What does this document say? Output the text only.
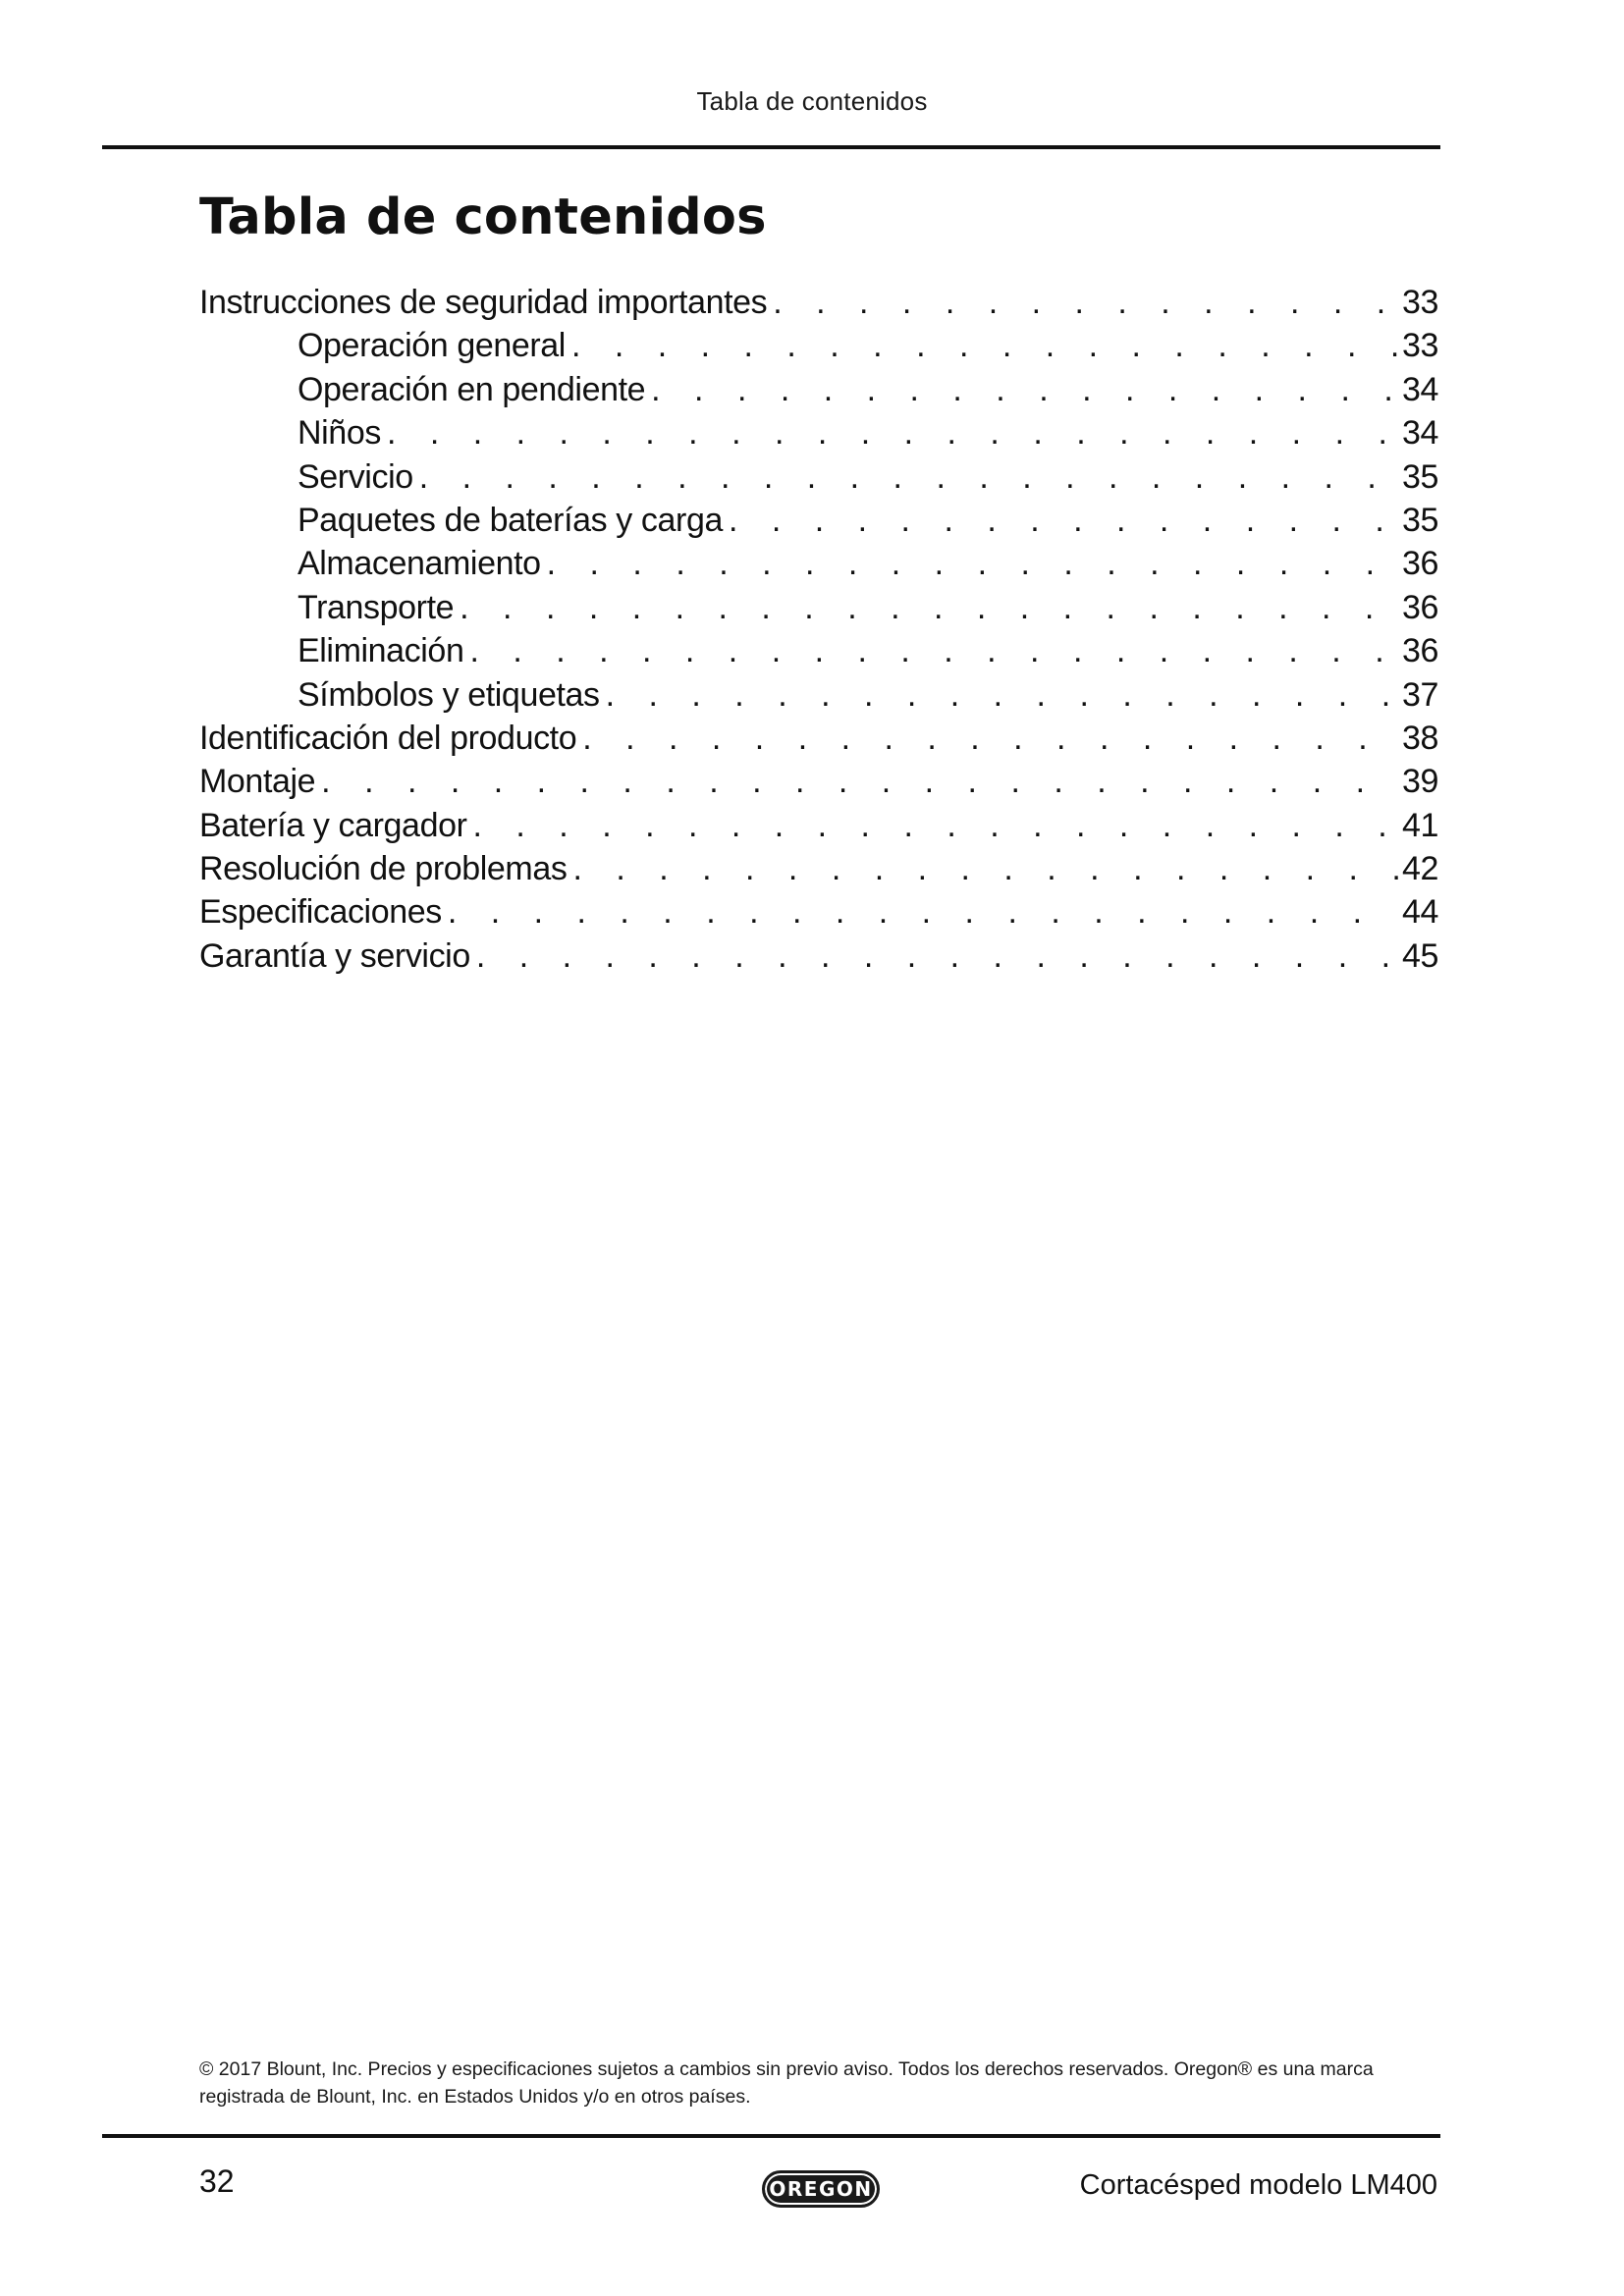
Tabla de contenidos
Tabla de contenidos
Instrucciones de seguridad importantes . . .	33
Operación general . . .	33
Operación en pendiente . . .	34
Niños . . .	34
Servicio . . .	35
Paquetes de baterías y carga . . .	35
Almacenamiento . . .	36
Transporte . . .	36
Eliminación . . .	36
Símbolos y etiquetas . . .	37
Identificación del producto . . .	38
Montaje . . .	39
Batería y cargador . . .	41
Resolución de problemas . . .	42
Especificaciones . . .	44
Garantía y servicio . . .	45

© 2017 Blount, Inc. Precios y especificaciones sujetos a cambios sin previo aviso. Todos los derechos reservados. Oregon® es una marca registrada de Blount, Inc. en Estados Unidos y/o en otros países.

32	OREGON	Cortacésped modelo LM400
